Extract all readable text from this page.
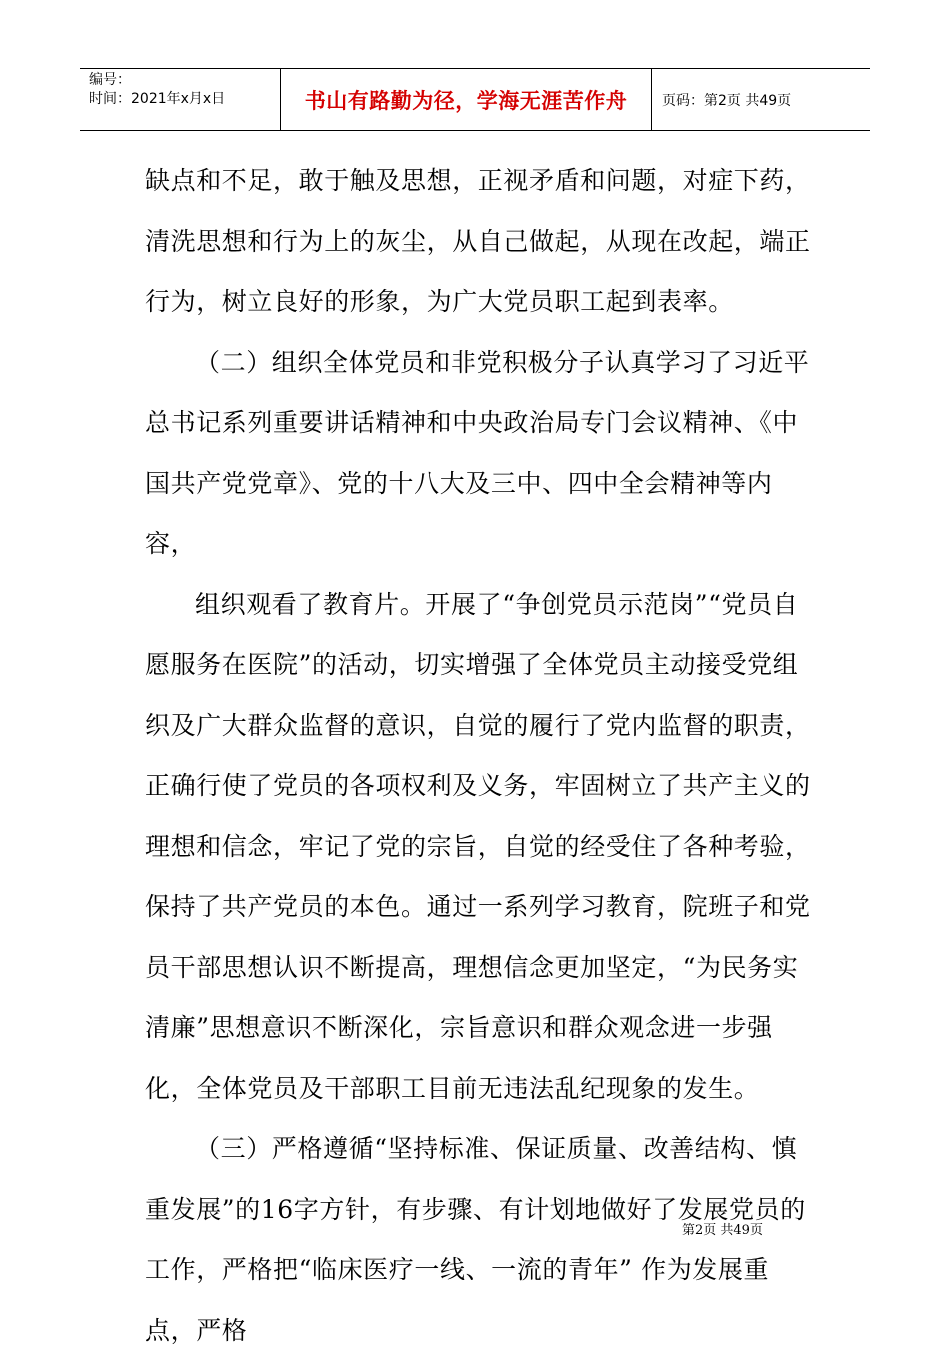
编号：
时间：2021年x月x日	书山有路勤为径，学海无涯苦作舟	页码：第2页 共49页

缺点和不足，敢于触及思想，正视矛盾和问题，对症下药，清洗思想和行为上的灰尘，从自己做起，从现在改起，端正行为，树立良好的形象，为广大党员职工起到表率。

（二）组织全体党员和非党积极分子认真学习了习近平总书记系列重要讲话精神和中央政治局专门会议精神、《中国共产党党章》、党的十八大及三中、四中全会精神等内容，

组织观看了教育片。开展了“争创党员示范岗”“党员自愿服务在医院”的活动，切实增强了全体党员主动接受党组织及广大群众监督的意识，自觉的履行了党内监督的职责，正确行使了党员的各项权利及义务，牢固树立了共产主义的理想和信念，牢记了党的宗旨，自觉的经受住了各种考验，保持了共产党员的本色。通过一系列学习教育，院班子和党员干部思想认识不断提高，理想信念更加坚定，“为民务实清廉”思想意识不断深化，宗旨意识和群众观念进一步强化，全体党员及干部职工目前无违法乱纪现象的发生。

（三）严格遵循“坚持标准、保证质量、改善结构、慎重发展”的16字方针，有步骤、有计划地做好了发展党员的工作，严格把“临床医疗一线、一流的青年” 作为发展重点，严格

第2页 共49页
